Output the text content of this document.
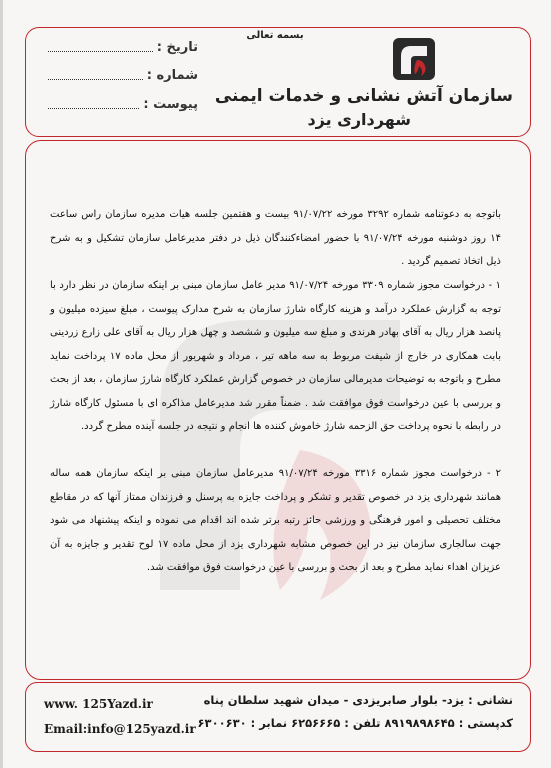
بسمه تعالی
سازمان آتش نشانی و خدمات ایمنی
شهرداری یزد
تاریخ :
شماره :
پیوست :
باتوجه به دعوتنامه شماره ۳۲۹۲ مورخه ۹۱/۰۷/۲۲ بیست و هفتمین جلسه هیات مدیره سازمان راس ساعت ۱۴ روز دوشنبه مورخه ۹۱/۰۷/۲۴ با حضور امضاءکنندگان ذیل در دفتر مدیرعامل سازمان تشکیل و به شرح ذیل اتخاذ تصمیم گردید .
۱ - درخواست مجوز شماره ۳۳۰۹ مورخه ۹۱/۰۷/۲۴ مدیر عامل سازمان مبنی بر اینکه سازمان در نظر دارد با توجه به گزارش عملکرد درآمد و هزینه کارگاه شارژ سازمان به شرح مدارک پیوست ، مبلغ سیزده میلیون و پانصد هزار ریال به آقای بهادر هرندی و مبلغ سه میلیون و ششصد و چهل هزار ریال به آقای علی زارع زردینی بابت همکاری در خارج از شیفت مربوط به سه ماهه تیر ، مرداد و شهریور از محل ماده ۱۷ پرداخت نماید مطرح و باتوجه به توضیحات مدیرمالی سازمان در خصوص گزارش عملکرد کارگاه شارژ سازمان ، بعد از بحث و بررسی با عین درخواست فوق موافقت شد . ضمناً مقرر شد مدیرعامل مذاکره ای با مسئول کارگاه شارژ در رابطه با نحوه پرداخت حق الزحمه شارژ خاموش کننده ها انجام و نتیجه در جلسه آینده مطرح گردد.
۲ - درخواست مجوز شماره ۳۳۱۶ مورخه ۹۱/۰۷/۲۴ مدیرعامل سازمان مبنی بر اینکه سازمان همه ساله همانند شهرداری یزد در خصوص تقدیر و تشکر و پرداخت جایزه به پرسنل و فرزندان ممتاز آنها که در مقاطع مختلف تحصیلی و امور فرهنگی و ورزشی حائز رتبه برتر شده اند اقدام می نموده و اینکه پیشنهاد می شود جهت سالجاری سازمان نیز در این خصوص مشابه شهرداری یزد از محل ماده ۱۷ لوح تقدیر و جایزه به آن عزیزان اهداء نماید مطرح و بعد از بحث و بررسی با عین درخواست فوق موافقت شد.
www. 125Yazd.ir
Email:info@125yazd.ir
نشانی : یزد- بلوار صابریزدی - میدان شهید سلطان پناه
کدپستی : ۸۹۱۹۸۹۸۶۴۵ تلفن : ۶۲۵۶۶۶۵ نمابر : ۶۳۰۰۶۳۰
